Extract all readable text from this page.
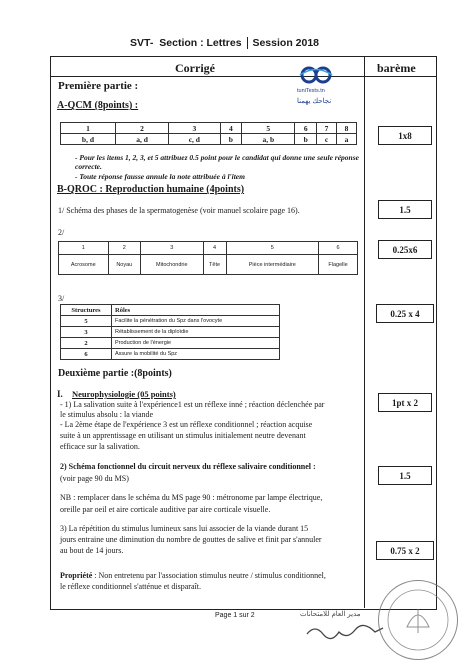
SVT- Section : Lettres Session 2018
Corrigé	barème
tuniTests.tn
نجاحك يهمنا
Première partie :
A-QCM (8points) :
1	2	3	4	5	6	7	8
b, d	a, d	c, d	b	a, b	b	c	a
- Pour les items 1, 2, 3, et 5 attribuez 0.5 point pour le candidat qui donne une seule réponse correcte.
- Toute réponse fausse annule la note attribuée à l'item
1x8
B-QROC : Reproduction humaine (4points)
1/ Schéma des phases de la spermatogenèse (voir manuel scolaire page 16).	1.5
2/
1	2	3	4	5	6
Acrosome	Noyau	Mitochondrie	Tête	Pièce intermédiaire	Flagelle
0.25x6
3/
Structures	Rôles
5	Facilite la pénétration du Spz dans l'ovocyte
3	Rétablissement de la diploïdie
2	Production de l'énergie
6	Assure la mobilité du Spz
0.25 x 4
Deuxième partie :(8points)
I. Neurophysiologie (05 points)
- 1) La salivation suite à l'expérience1 est un réflexe inné ; réaction déclenchée par
le stimulus absolu : la viande
- La 2ème étape de l'expérience 3 est un réflexe conditionnel ; réaction acquise
suite à un apprentissage en utilisant un stimulus initialement neutre devenant
efficace sur la salivation.
1pt x 2
2) Schéma fonctionnel du circuit nerveux du réflexe salivaire conditionnel :
(voir page 90 du MS)	1.5
NB : remplacer dans le schéma du MS page 90 : métronome par lampe électrique,
oreille par oeil et aire corticale auditive par aire corticale visuelle.
3) La répétition du stimulus lumineux sans lui associer de la viande durant 15
jours entraine une diminution du nombre de gouttes de salive et finit par s'annuler
au bout de 14 jours.	0.75 x 2
Propriété : Non entretenu par l'association stimulus neutre / stimulus conditionnel,
le réflexe conditionnel s'atténue et disparaît.
Page 1 sur 2	مدير العام للامتحانات
